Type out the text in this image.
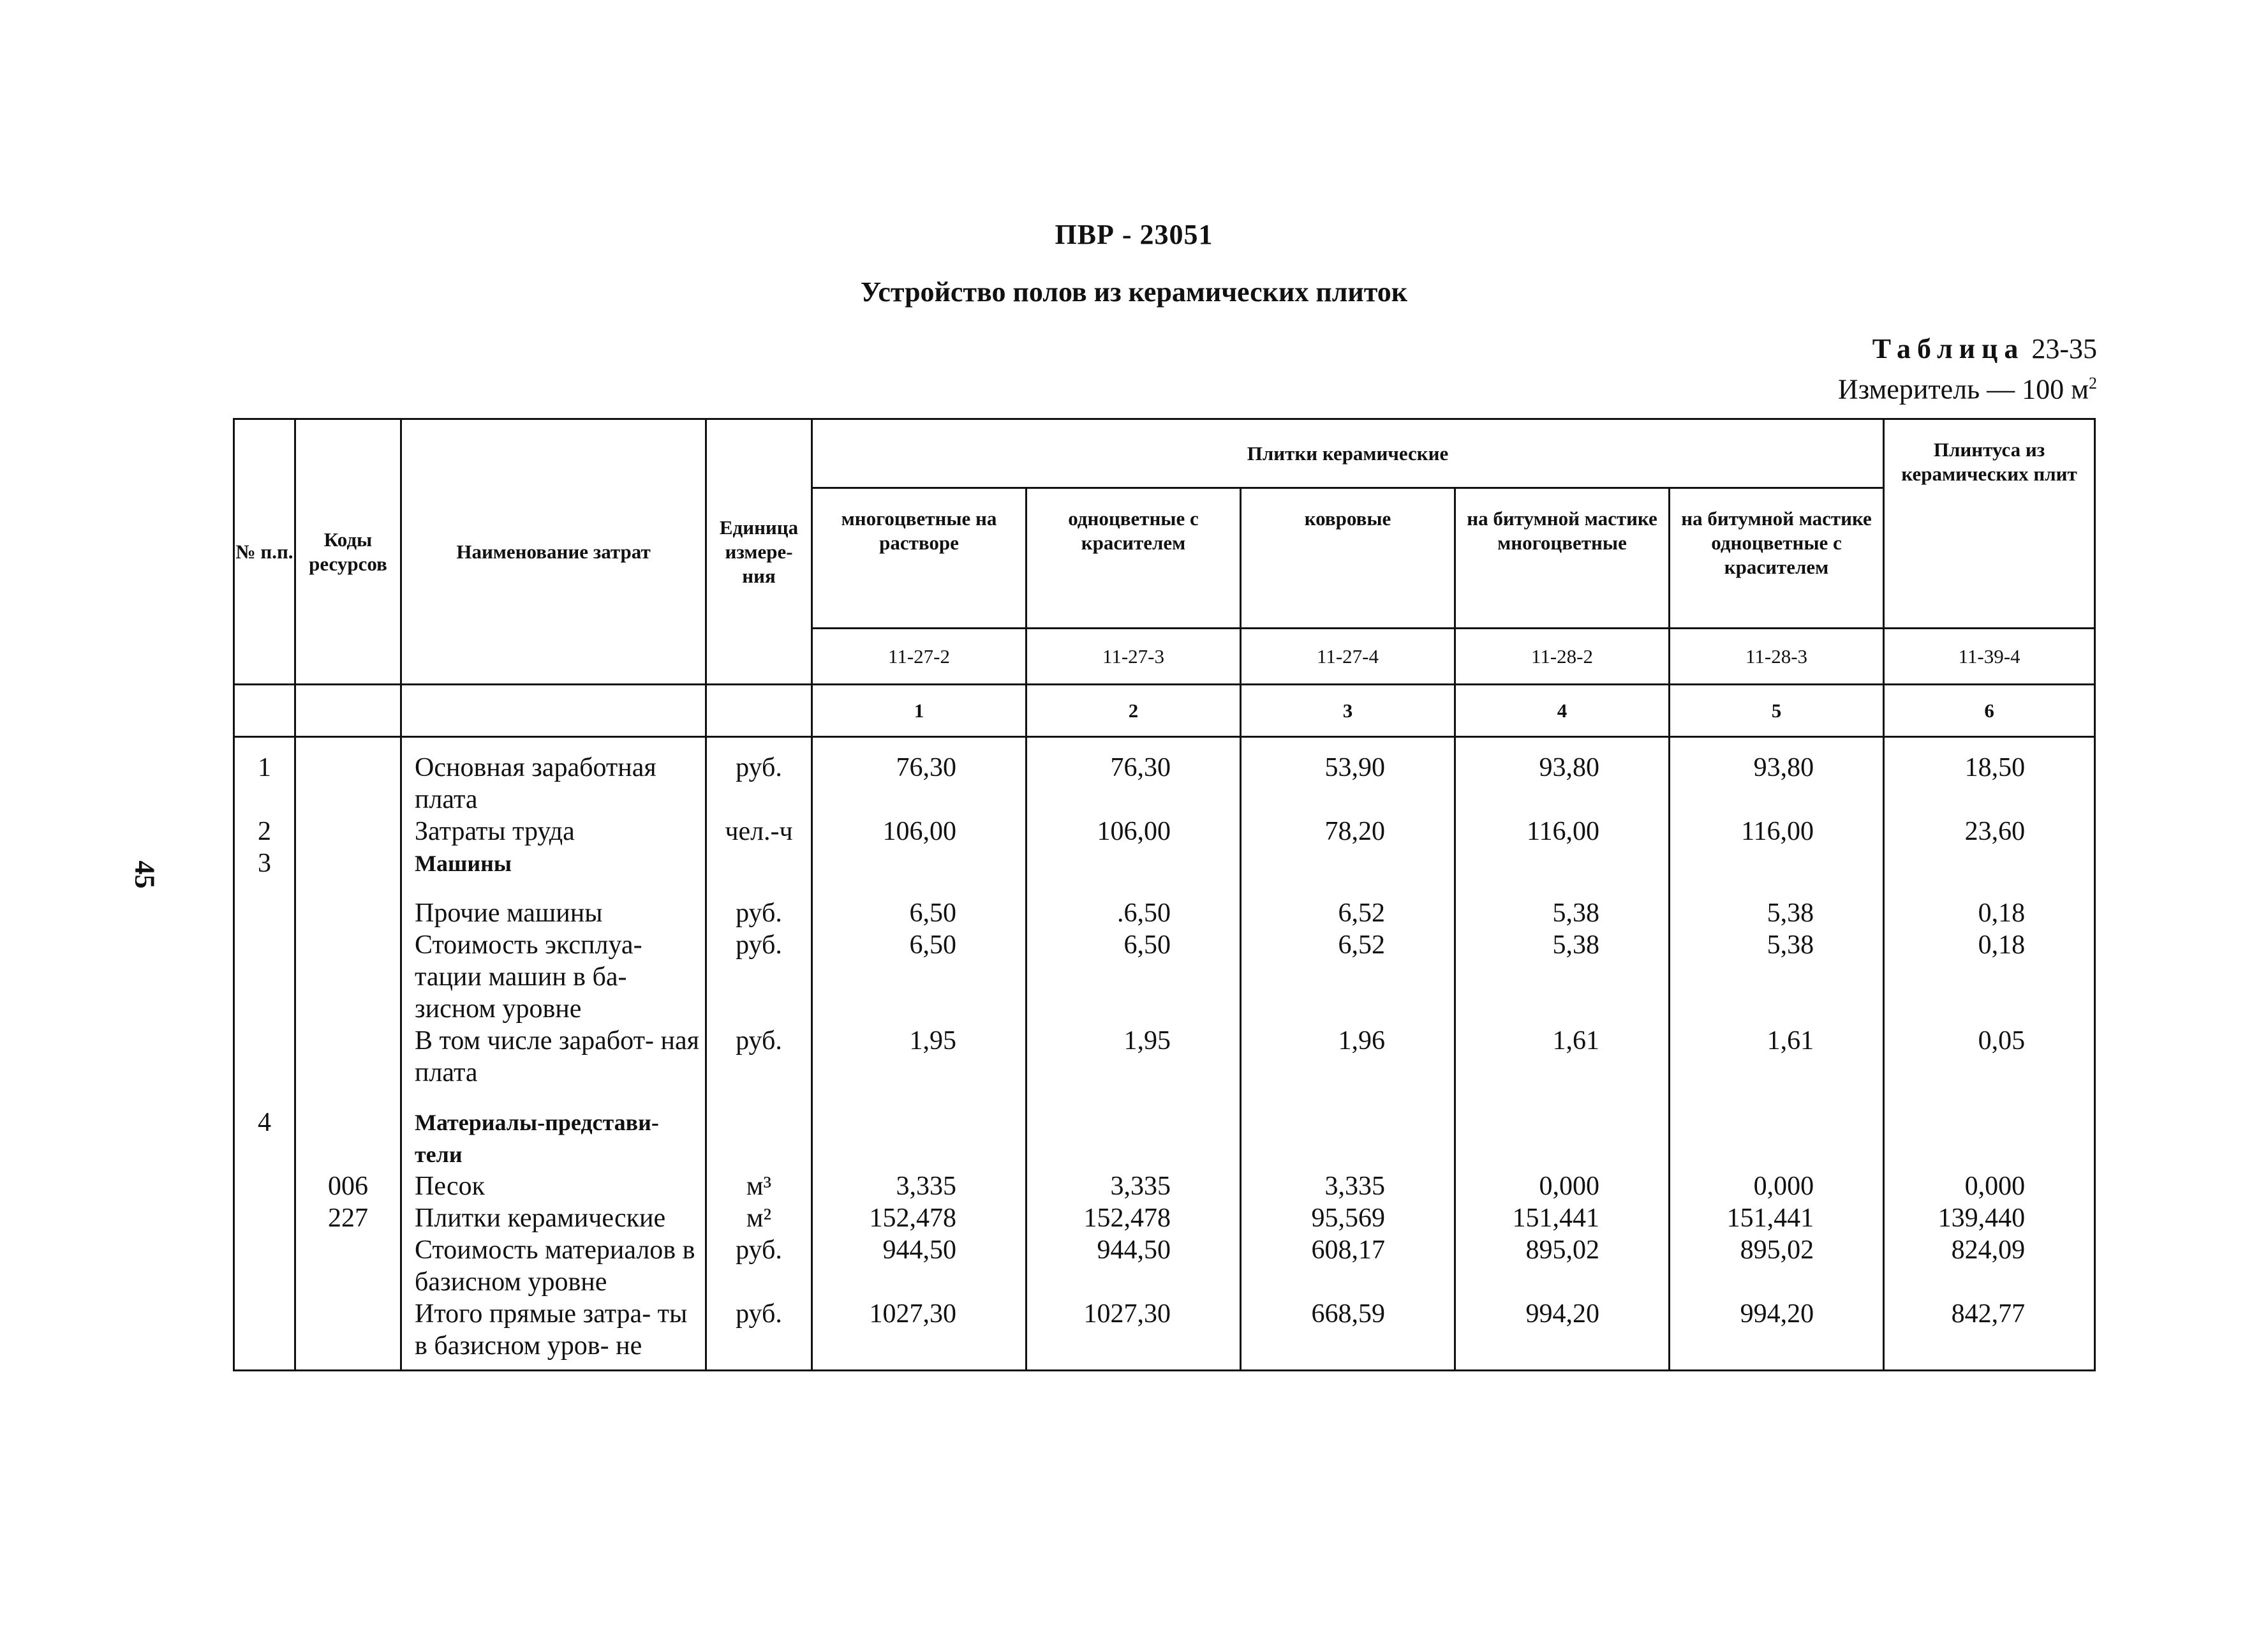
45
ПВР - 23051
Устройство полов из керамических плиток
Таблица 23-35
Измеритель — 100 $м^2$
№ п.п.	Коды ресурсов	Наименование затрат	Единица измере- ния	Плитки керамические					Плинтуса из керамических плит
				многоцветные на растворе	одноцветные с красителем	ковровые	на битумной мастике многоцветные	на битумной мастике одноцветные с красителем	
				11-27-2	11-27-3	11-27-4	11-28-2	11-28-3	11-39-4
				1	2	3	4	5	6
1		Основная заработная плата	руб.	76,30	76,30	53,90	93,80	93,80	18,50
2		Затраты труда	чел.-ч	106,00	106,00	78,20	116,00	116,00	23,60
3		Машины							

		Прочие машины	руб.	6,50	.6,50	6,52	5,38	5,38	0,18
		Стоимость эксплуа- тации машин в ба- зисном уровне	руб.	6,50	6,50	6,52	5,38	5,38	0,18
		В том числе заработ- ная плата	руб.	1,95	1,95	1,96	1,61	1,61	0,05

4		Материалы-представи- тели							
	006	Песок	м³	3,335	3,335	3,335	0,000	0,000	0,000
	227	Плитки керамические	м²	152,478	152,478	95,569	151,441	151,441	139,440
		Стоимость материалов в базисном уровне	руб.	944,50	944,50	608,17	895,02	895,02	824,09
		Итого прямые затра- ты в базисном уров- не	руб.	1027,30	1027,30	668,59	994,20	994,20	842,77
